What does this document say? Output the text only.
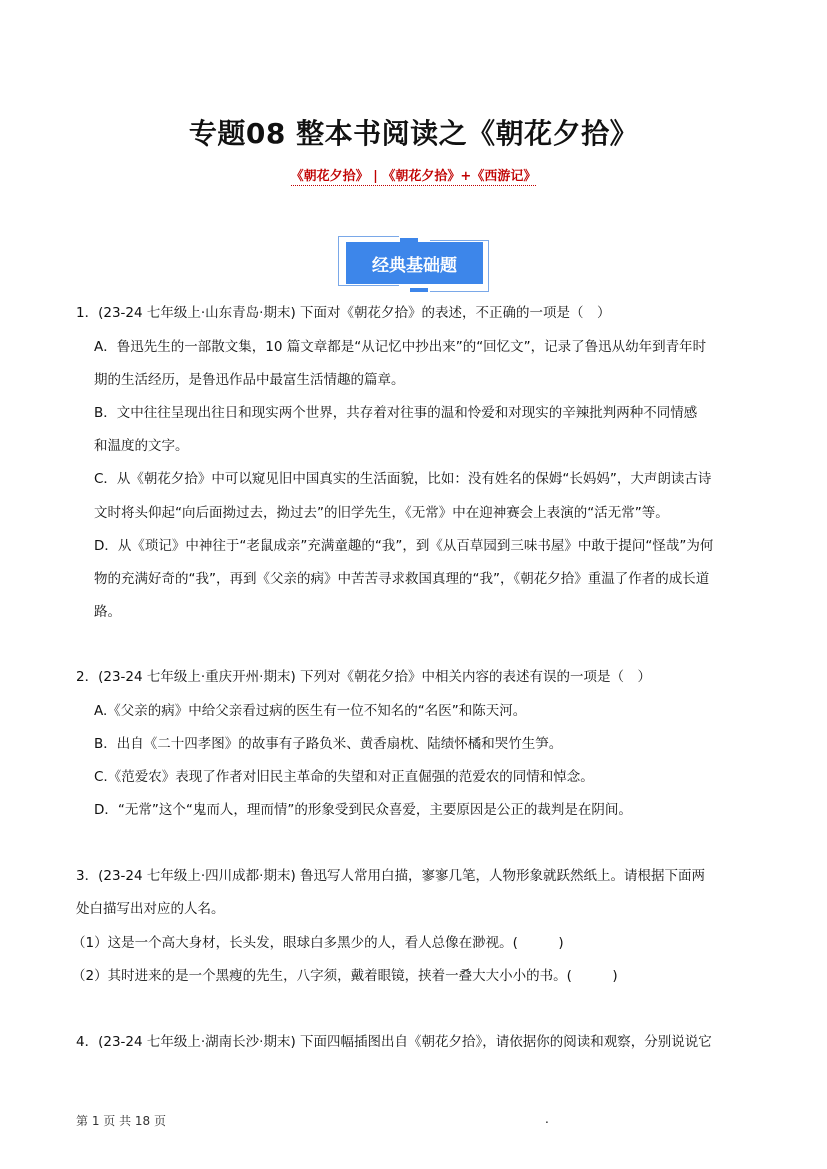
专题08 整本书阅读之《朝花夕拾》
《朝花夕拾》 | 《朝花夕拾》+《西游记》
经典基础题
1．(23-24 七年级上·山东青岛·期末) 下面对《朝花夕拾》的表述，不正确的一项是（　）
A．鲁迅先生的一部散文集，10 篇文章都是“从记忆中抄出来”的“回忆文”，记录了鲁迅从幼年到青年时
期的生活经历，是鲁迅作品中最富生活情趣的篇章。
B．文中往往呈现出往日和现实两个世界，共存着对往事的温和怜爱和对现实的辛辣批判两种不同情感
和温度的文字。
C．从《朝花夕拾》中可以窥见旧中国真实的生活面貌，比如：没有姓名的保姆“长妈妈”，大声朗读古诗
文时将头仰起“向后面拗过去，拗过去”的旧学先生，《无常》中在迎神赛会上表演的“活无常”等。
D．从《琐记》中神往于“老鼠成亲”充满童趣的“我”，到《从百草园到三味书屋》中敢于提问“怪哉”为何
物的充满好奇的“我”，再到《父亲的病》中苦苦寻求救国真理的“我”，《朝花夕拾》重温了作者的成长道
路。
2．(23-24 七年级上·重庆开州·期末) 下列对《朝花夕拾》中相关内容的表述有误的一项是（　）
A.《父亲的病》中给父亲看过病的医生有一位不知名的“名医”和陈天河。
B．出自《二十四孝图》的故事有子路负米、黄香扇枕、陆绩怀橘和哭竹生笋。
C.《范爱农》表现了作者对旧民主革命的失望和对正直倔强的范爱农的同情和悼念。
D．“无常”这个“鬼而人，理而情”的形象受到民众喜爱，主要原因是公正的裁判是在阴间。
3．(23-24 七年级上·四川成都·期末) 鲁迅写人常用白描，寥寥几笔，人物形象就跃然纸上。请根据下面两
处白描写出对应的人名。
（1）这是一个高大身材，长头发，眼球白多黑少的人，看人总像在渺视。(　　　)
（2）其时进来的是一个黑瘦的先生，八字须，戴着眼镜，挟着一叠大大小小的书。(　　　)
4．(23-24 七年级上·湖南长沙·期末) 下面四幅插图出自《朝花夕拾》，请依据你的阅读和观察，分别说说它
第 1 页 共 18 页	.
